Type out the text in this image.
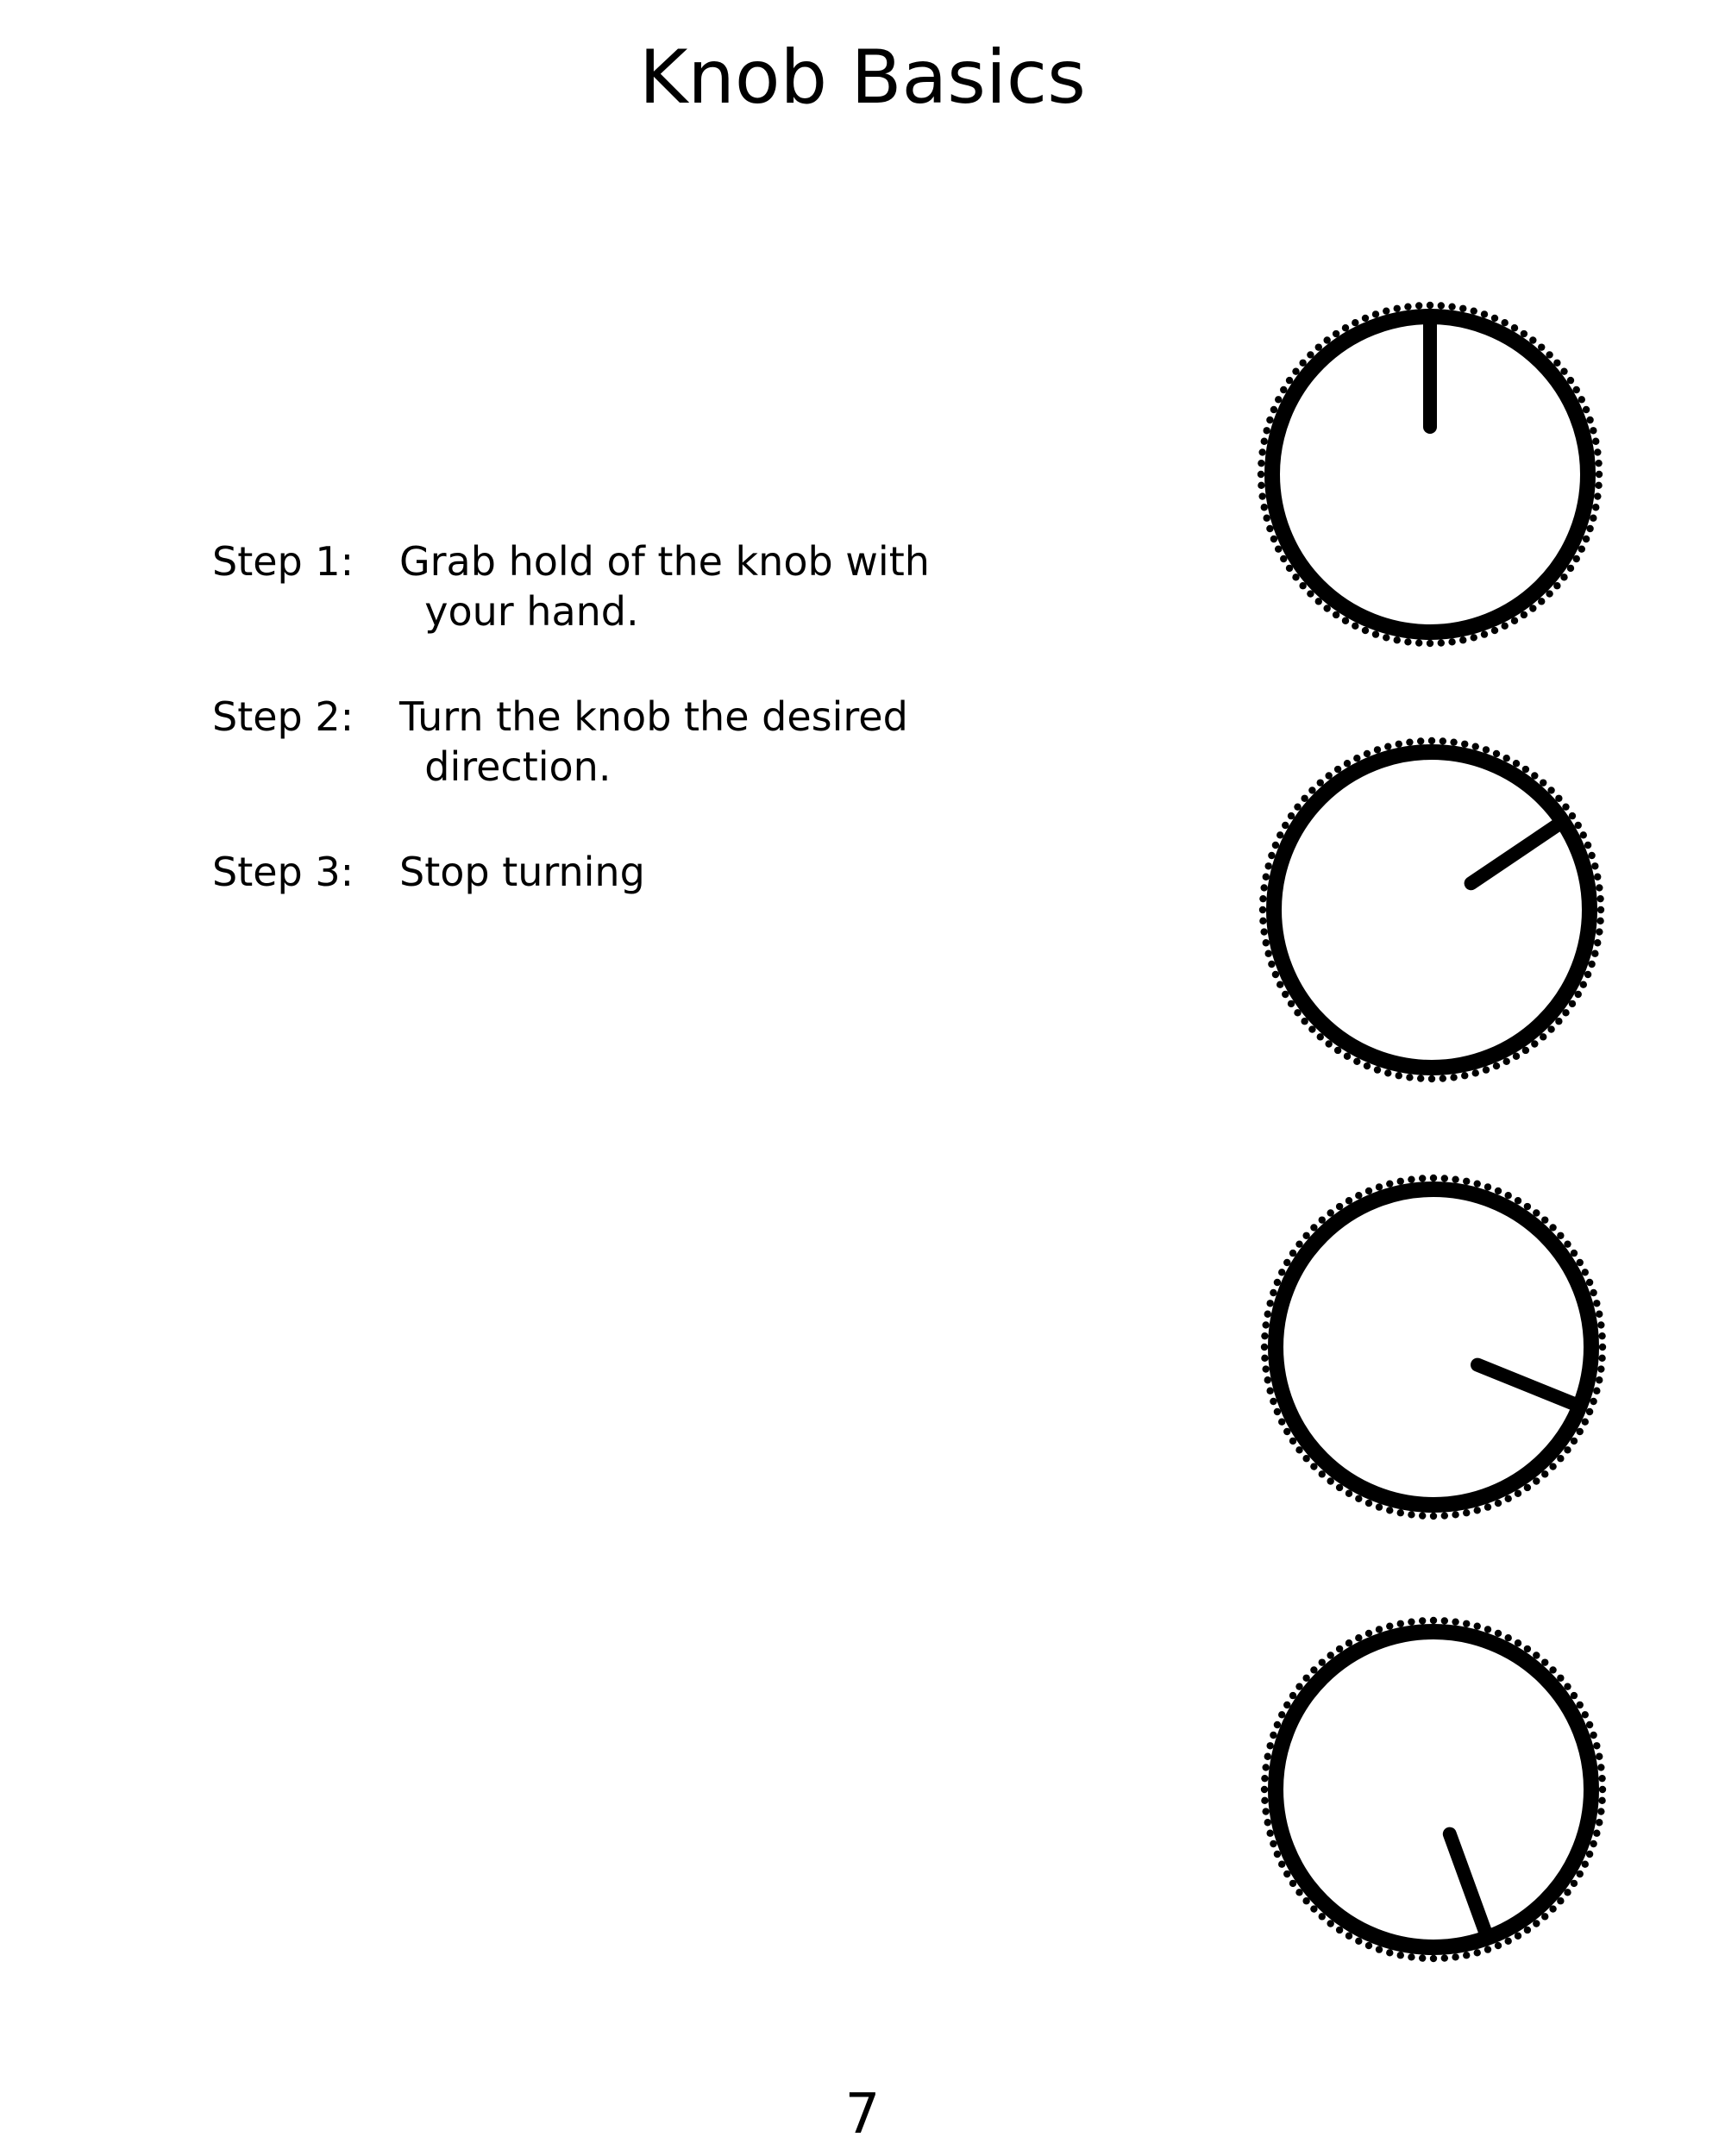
Knob Basics
Step 1:	Grab hold of the knob with
your hand.
Step 2:	Turn the knob the desired
direction.
Step 3:	Stop turning
7
